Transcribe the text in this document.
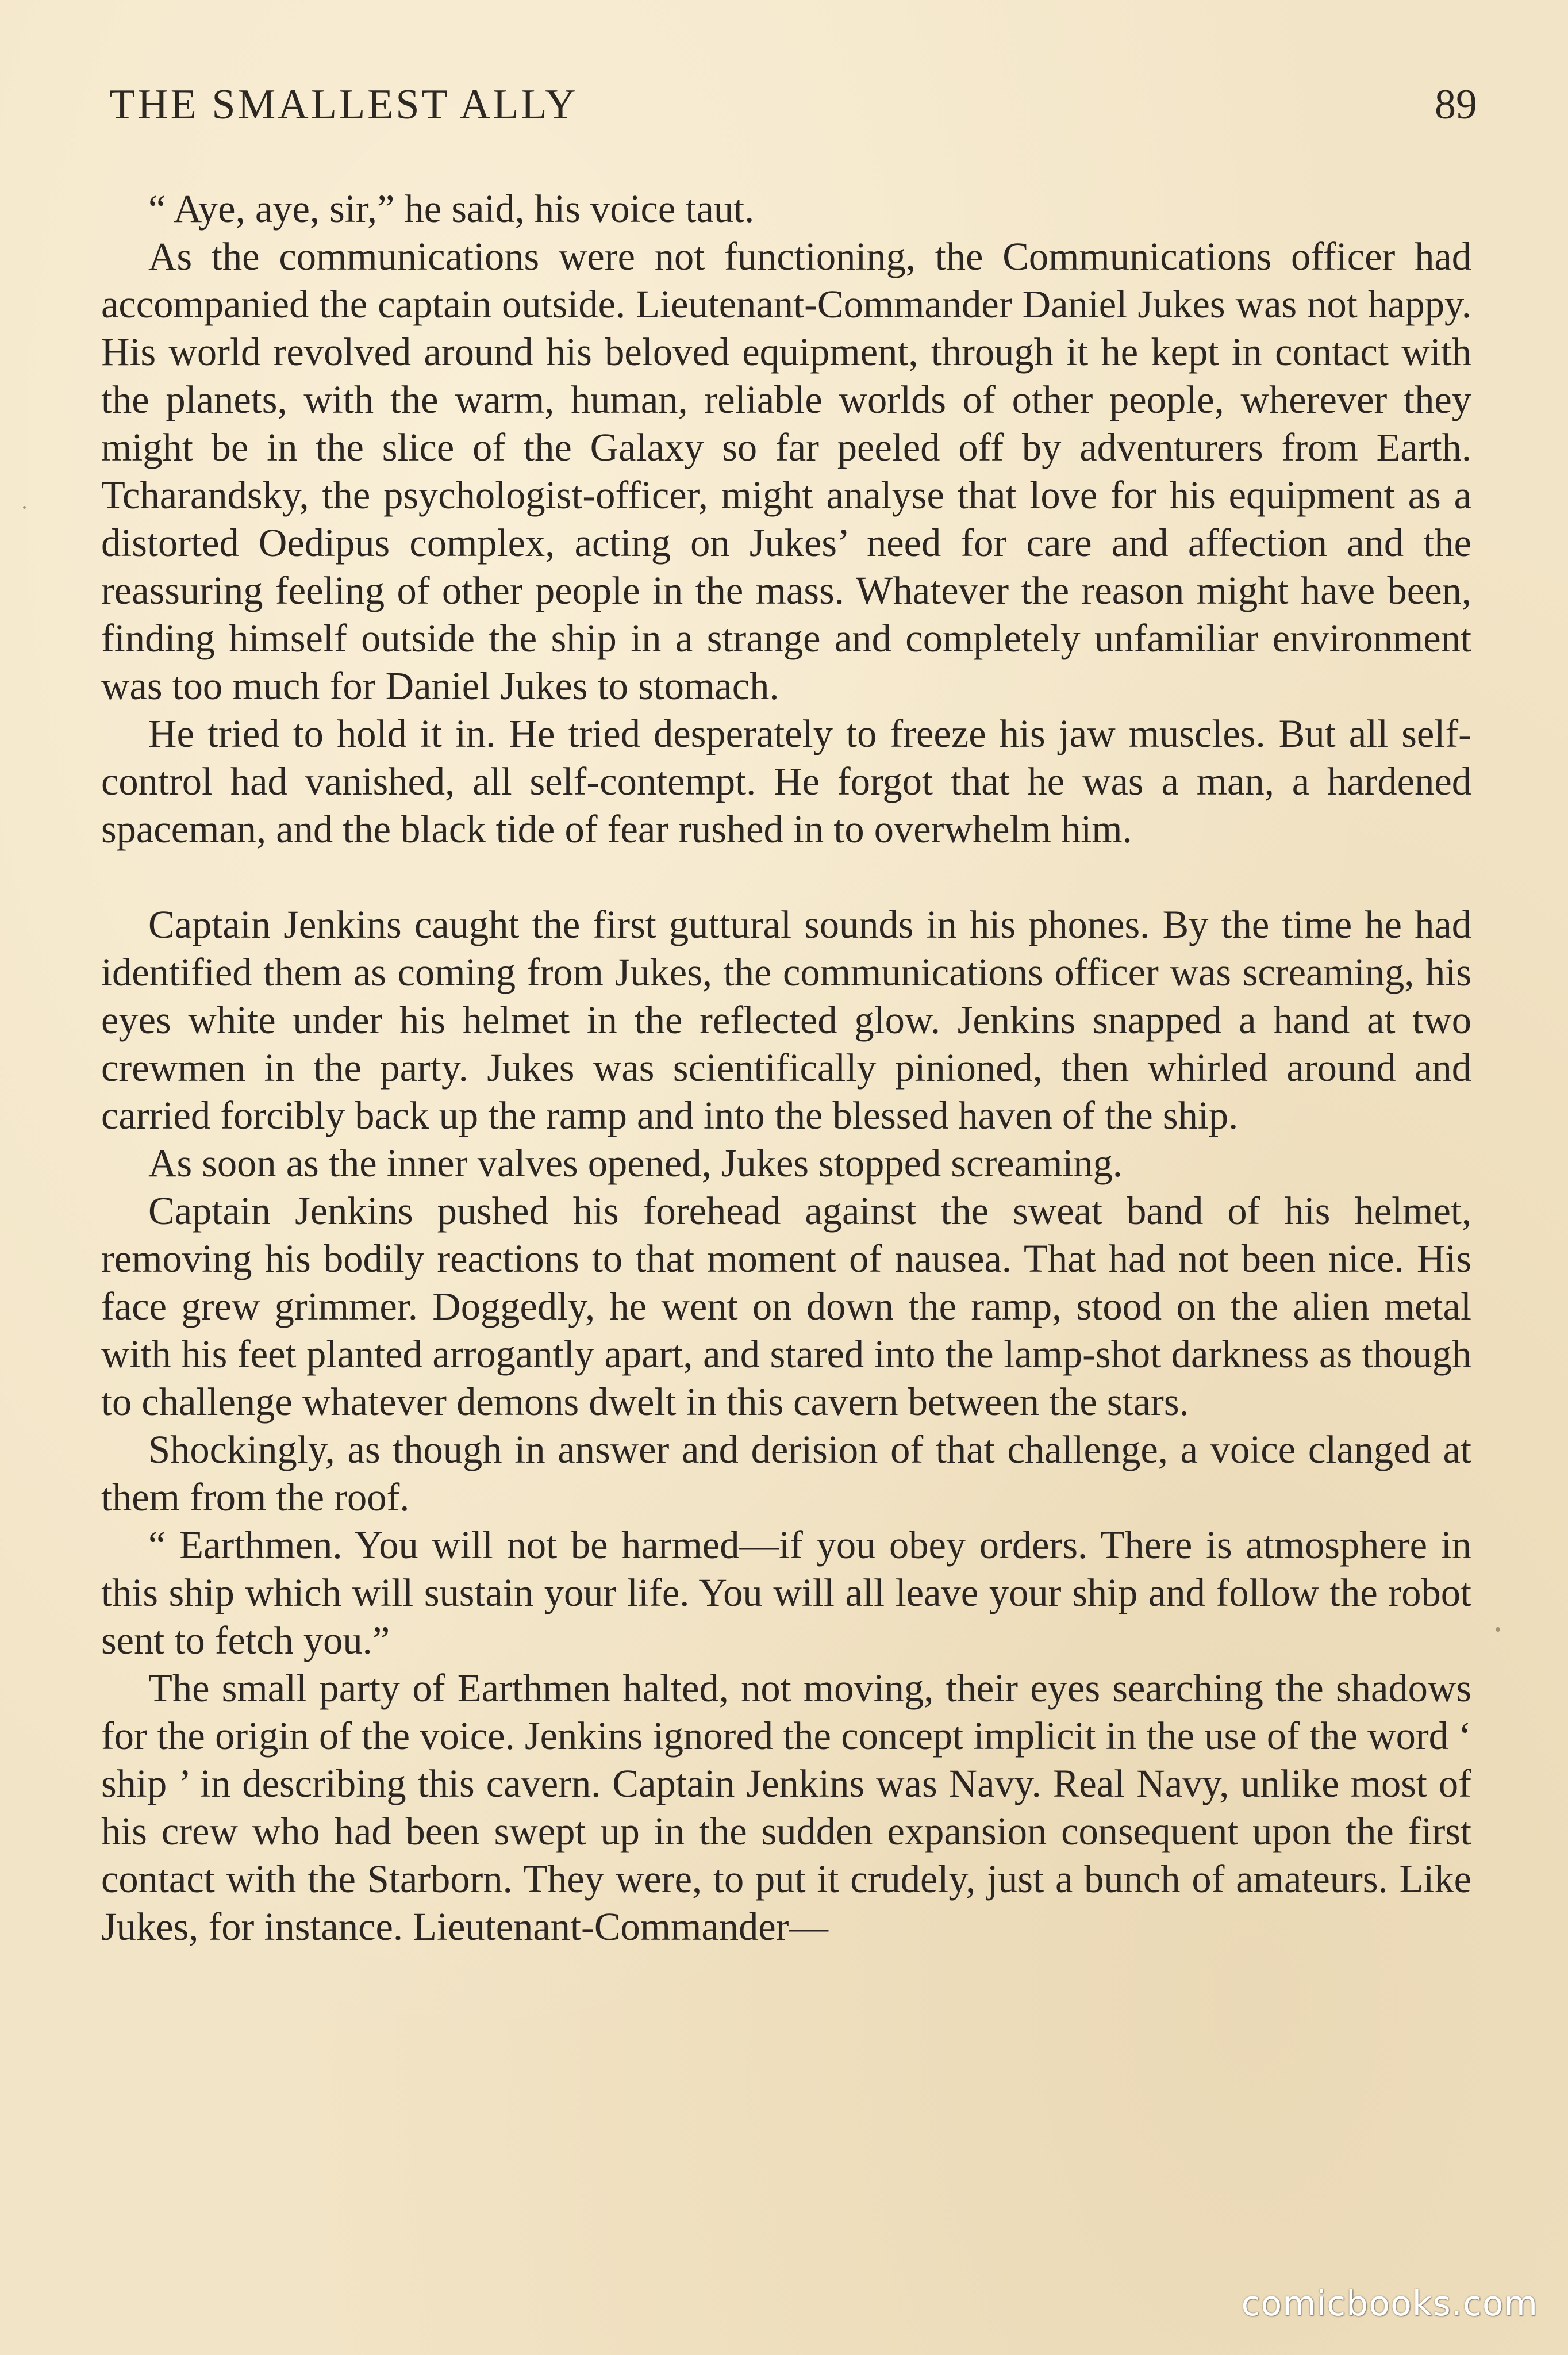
THE SMALLEST ALLY	89

“ Aye, aye, sir,” he said, his voice taut.

As the communications were not functioning, the Communications officer had accompanied the captain outside. Lieutenant-Commander Daniel Jukes was not happy. His world revolved around his beloved equipment, through it he kept in contact with the planets, with the warm, human, reliable worlds of other people, wherever they might be in the slice of the Galaxy so far peeled off by adventurers from Earth. Tcharandsky, the psychologist-officer, might analyse that love for his equipment as a distorted Oedipus complex, acting on Jukes’ need for care and affection and the reassuring feeling of other people in the mass. Whatever the reason might have been, finding himself outside the ship in a strange and completely unfamiliar environment was too much for Daniel Jukes to stomach.

He tried to hold it in. He tried desperately to freeze his jaw muscles. But all self-control had vanished, all self-contempt. He forgot that he was a man, a hardened spaceman, and the black tide of fear rushed in to overwhelm him.

Captain Jenkins caught the first guttural sounds in his phones. By the time he had identified them as coming from Jukes, the communications officer was screaming, his eyes white under his helmet in the reflected glow. Jenkins snapped a hand at two crewmen in the party. Jukes was scientifically pinioned, then whirled around and carried forcibly back up the ramp and into the blessed haven of the ship.

As soon as the inner valves opened, Jukes stopped screaming.

Captain Jenkins pushed his forehead against the sweat band of his helmet, removing his bodily reactions to that moment of nausea. That had not been nice. His face grew grimmer. Doggedly, he went on down the ramp, stood on the alien metal with his feet planted arrogantly apart, and stared into the lamp-shot darkness as though to challenge whatever demons dwelt in this cavern between the stars.

Shockingly, as though in answer and derision of that challenge, a voice clanged at them from the roof.

“ Earthmen. You will not be harmed—if you obey orders. There is atmosphere in this ship which will sustain your life. You will all leave your ship and follow the robot sent to fetch you.”

The small party of Earthmen halted, not moving, their eyes searching the shadows for the origin of the voice. Jenkins ignored the concept implicit in the use of the word ‘ ship ’ in describing this cavern. Captain Jenkins was Navy. Real Navy, unlike most of his crew who had been swept up in the sudden expansion consequent upon the first contact with the Starborn. They were, to put it crudely, just a bunch of amateurs. Like Jukes, for instance. Lieutenant-Commander—

comicbooks.com
